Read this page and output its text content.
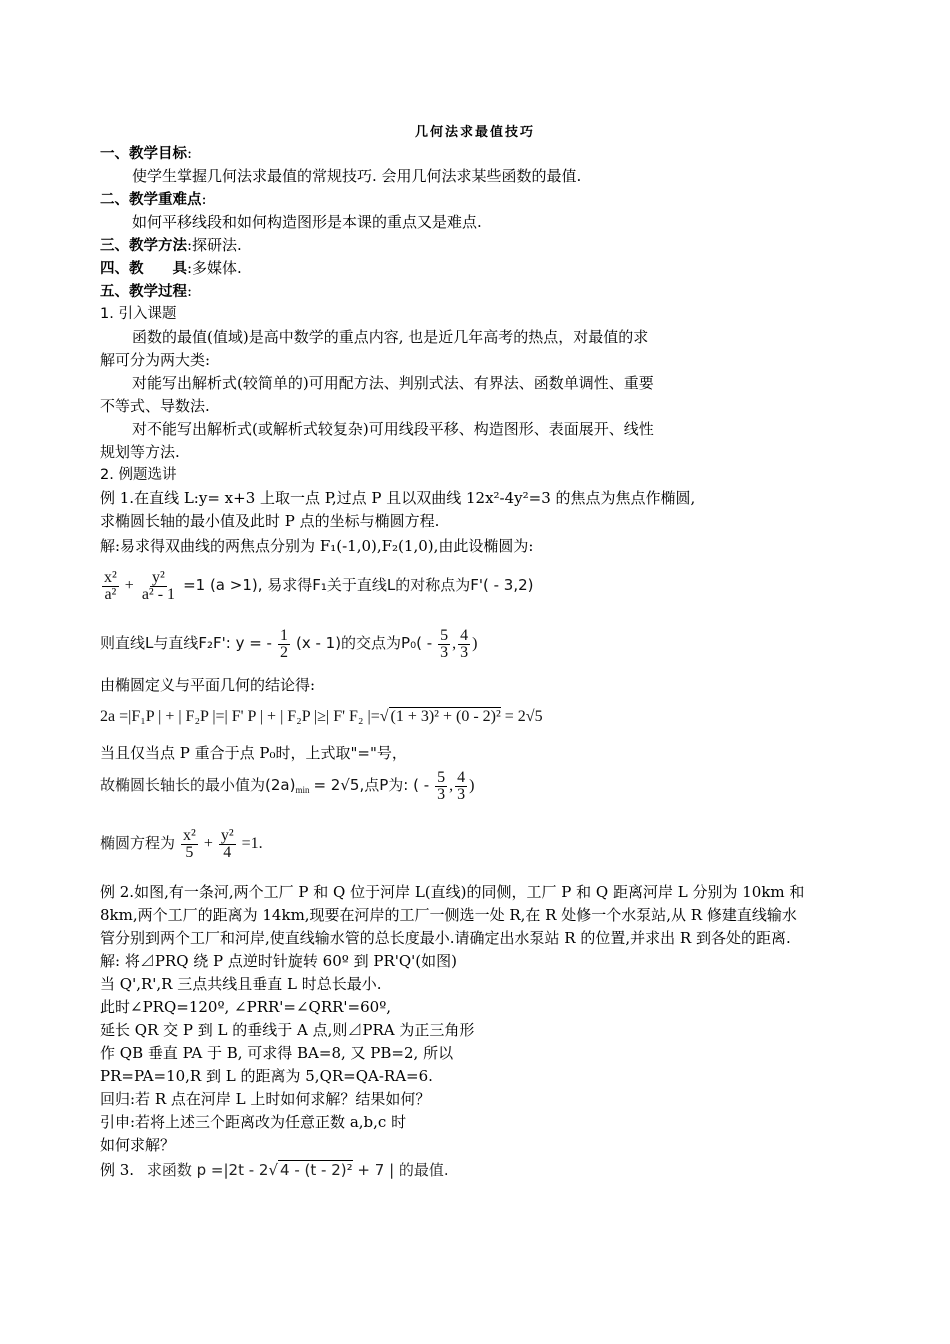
几何法求最值技巧
一、教学目标:
使学生掌握几何法求最值的常规技巧. 会用几何法求某些函数的最值.
二、教学重难点:
如何平移线段和如何构造图形是本课的重点又是难点.
三、教学方法:探研法.
四、教　　具:多媒体.
五、教学过程:
1. 引入课题
函数的最值(值域)是高中数学的重点内容, 也是近几年高考的热点，对最值的求
解可分为两大类:
对能写出解析式(较简单的)可用配方法、判别式法、有界法、函数单调性、重要
不等式、导数法.
对不能写出解析式(或解析式较复杂)可用线段平移、构造图形、表面展开、线性
规划等方法.
2. 例题选讲
例 1.在直线 L:y= x+3 上取一点 P,过点 P 且以双曲线 12x²-4y²=3 的焦点为焦点作椭圆,
求椭圆长轴的最小值及此时 P 点的坐标与椭圆方程.
解:易求得双曲线的两焦点分别为 F₁(-1,0),F₂(1,0),由此设椭圆为:
$\frac{\text{x²}}{\text{a²}} + \frac{\text{y²}}{\text{a² - 1}} =1$ (a >1), 易求得F₁关于直线L的对称点为F'( - 3,2)
则直线L与直线F₂F': y = - $\frac{1}{2} (x - 1)$的交点为$P_0( - \frac{5}{3}$ , $\frac{4}{3}$ )
由椭圆定义与平面几何的结论得:
2a =|F₁P | + | F₂P |=| F' P | + | F₂P |≥| F' F₂ |=√ (1 + 3)² + (0 - 2)² = 2√5
当且仅当点 P 重合于点 P₀时，上式取"="号，
故椭圆长轴长的最小值为$(2a)_{min} = 2√5$,点P为: ( - $\frac{5}{3}$ , $\frac{4}{3}$ )
椭圆方程为 $\frac{\text{x²}}{5} + \frac{\text{y²}}{4} =1$.
例 2.如图,有一条河,两个工厂 P 和 Q 位于河岸 L(直线)的同侧，工厂 P 和 Q 距离河岸 L 分别为 10km 和
8km,两个工厂的距离为 14km,现要在河岸的工厂一侧选一处 R,在 R 处修一个水泵站,从 R 修建直线输水
管分别到两个工厂和河岸,使直线输水管的总长度最小.请确定出水泵站 R 的位置,并求出 R 到各处的距离.
解: 将⊿PRQ 绕 P 点逆时针旋转 60º 到 PR'Q'(如图)
当 Q',R',R 三点共线且垂直 L 时总长最小.
此时∠PRQ=120º, ∠PRR'=∠QRR'=60º,
延长 QR 交 P 到 L 的垂线于 A 点,则⊿PRA 为正三角形
作 QB 垂直 PA 于 B, 可求得 BA=8, 又 PB=2, 所以
PR=PA=10,R 到 L 的距离为 5,QR=QA-RA=6.
回归:若 R 点在河岸 L 上时如何求解？结果如何？
引申:若将上述三个距离改为任意正数 a,b,c 时
如何求解？
例 3. 求函数 p =|2t - 2√ 4 - (t - 2)² + 7 | 的最值.
